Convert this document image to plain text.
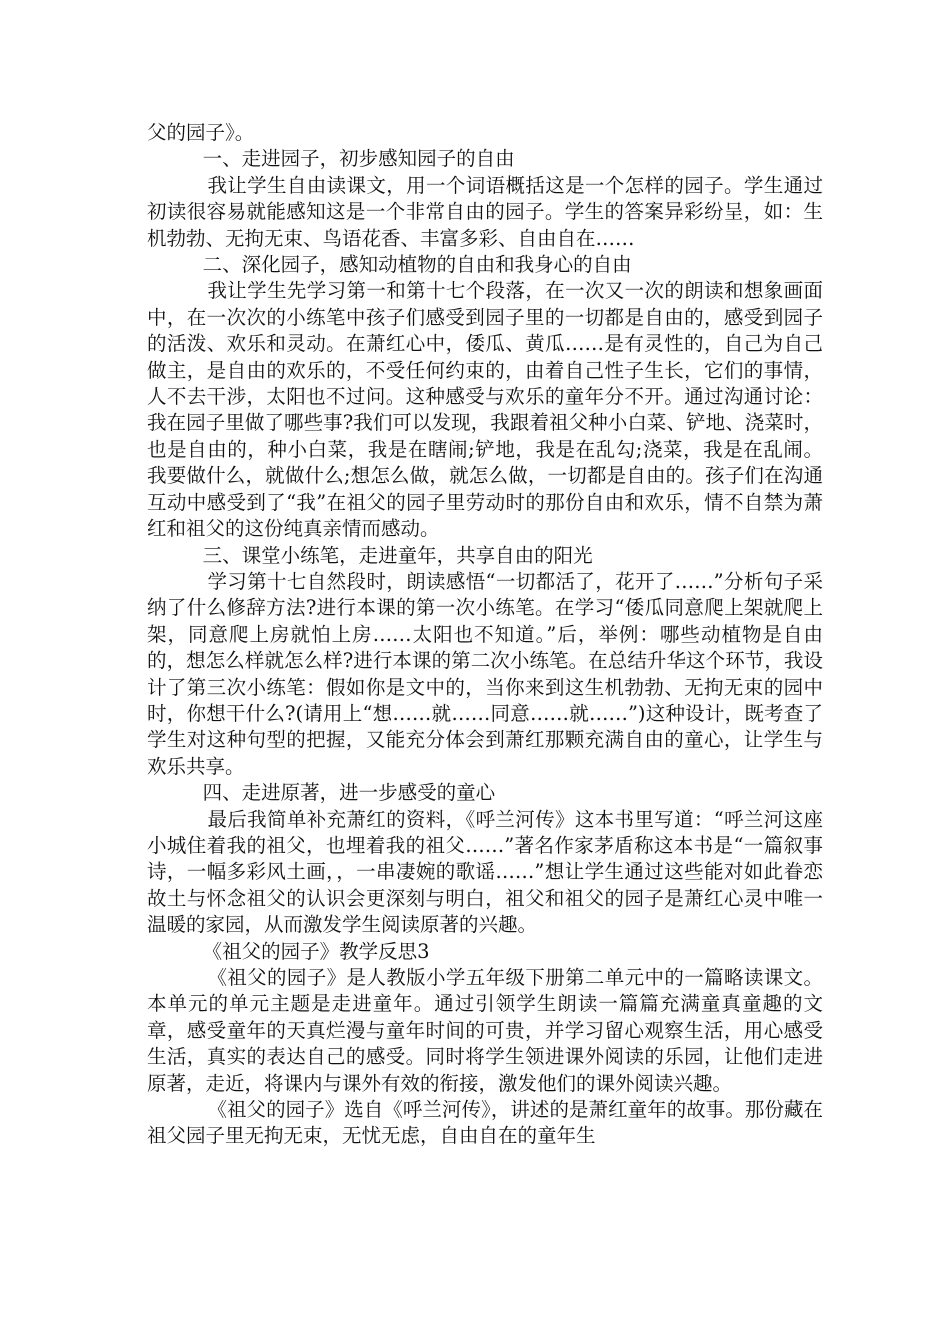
父的园子》。

一、走进园子，初步感知园子的自由

我让学生自由读课文，用一个词语概括这是一个怎样的园子。学生通过初读很容易就能感知这是一个非常自由的园子。学生的答案异彩纷呈，如：生机勃勃、无拘无束、鸟语花香、丰富多彩、自由自在……

二、深化园子，感知动植物的自由和我身心的自由

我让学生先学习第一和第十七个段落，在一次又一次的朗读和想象画面中，在一次次的小练笔中孩子们感受到园子里的一切都是自由的，感受到园子的活泼、欢乐和灵动。在萧红心中，倭瓜、黄瓜……是有灵性的，自己为自己做主，是自由的欢乐的，不受任何约束的，由着自己性子生长，它们的事情，人不去干涉，太阳也不过问。这种感受与欢乐的童年分不开。通过沟通讨论：我在园子里做了哪些事?我们可以发现，我跟着祖父种小白菜、铲地、浇菜时，也是自由的，种小白菜，我是在瞎闹;铲地，我是在乱勾;浇菜，我是在乱闹。我要做什么，就做什么;想怎么做，就怎么做，一切都是自由的。孩子们在沟通互动中感受到了“我”在祖父的园子里劳动时的那份自由和欢乐，情不自禁为萧红和祖父的这份纯真亲情而感动。

三、课堂小练笔，走进童年，共享自由的阳光

学习第十七自然段时，朗读感悟“一切都活了，花开了……”分析句子采纳了什么修辞方法?进行本课的第一次小练笔。在学习“倭瓜同意爬上架就爬上架，同意爬上房就怕上房……太阳也不知道。”后，举例：哪些动植物是自由的，想怎么样就怎么样?进行本课的第二次小练笔。在总结升华这个环节，我设计了第三次小练笔：假如你是文中的，当你来到这生机勃勃、无拘无束的园中时，你想干什么?(请用上“想……就……同意……就……”)这种设计，既考查了学生对这种句型的把握，又能充分体会到萧红那颗充满自由的童心，让学生与欢乐共享。

四、走进原著，进一步感受的童心

最后我简单补充萧红的资料，《呼兰河传》这本书里写道：“呼兰河这座小城住着我的祖父，也埋着我的祖父……”著名作家茅盾称这本书是“一篇叙事诗，一幅多彩风土画，，一串凄婉的歌谣……”想让学生通过这些能对如此眷恋故土与怀念祖父的认识会更深刻与明白，祖父和祖父的园子是萧红心灵中唯一温暖的家园，从而激发学生阅读原著的兴趣。

《祖父的园子》教学反思3

《祖父的园子》是人教版小学五年级下册第二单元中的一篇略读课文。本单元的单元主题是走进童年。通过引领学生朗读一篇篇充满童真童趣的文章，感受童年的天真烂漫与童年时间的可贵，并学习留心观察生活，用心感受生活，真实的表达自己的感受。同时将学生领进课外阅读的乐园，让他们走进原著，走近，将课内与课外有效的衔接，激发他们的课外阅读兴趣。

《祖父的园子》选自《呼兰河传》，讲述的是萧红童年的故事。那份藏在祖父园子里无拘无束，无忧无虑，自由自在的童年生
